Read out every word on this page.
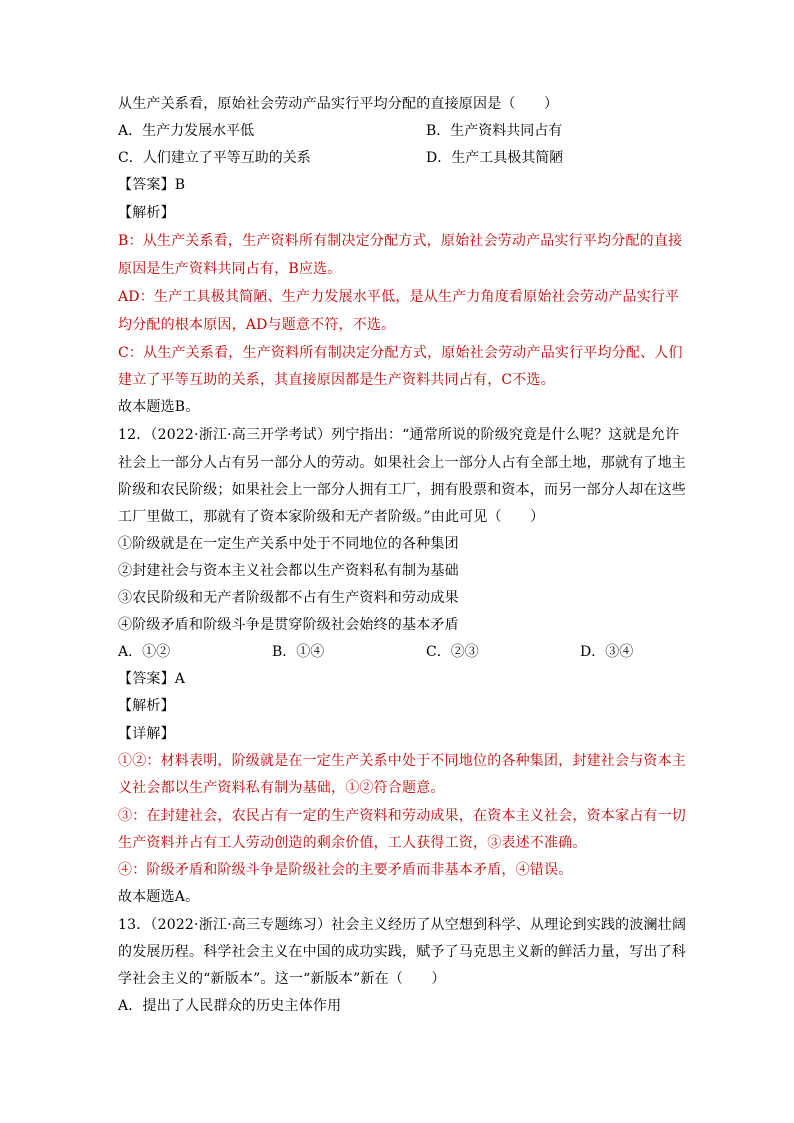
从生产关系看，原始社会劳动产品实行平均分配的直接原因是（　　）
A．生产力发展水平低	B．生产资料共同占有
C．人们建立了平等互助的关系	D．生产工具极其简陋
【答案】B
【解析】
B：从生产关系看，生产资料所有制决定分配方式，原始社会劳动产品实行平均分配的直接
原因是生产资料共同占有，B应选。
AD：生产工具极其简陋、生产力发展水平低，是从生产力角度看原始社会劳动产品实行平
均分配的根本原因，AD与题意不符，不选。
C：从生产关系看，生产资料所有制决定分配方式，原始社会劳动产品实行平均分配、人们
建立了平等互助的关系，其直接原因都是生产资料共同占有，C不选。
故本题选B。
12．（2022·浙江·高三开学考试）列宁指出：“通常所说的阶级究竟是什么呢？这就是允许
社会上一部分人占有另一部分人的劳动。如果社会上一部分人占有全部土地，那就有了地主
阶级和农民阶级；如果社会上一部分人拥有工厂，拥有股票和资本，而另一部分人却在这些
工厂里做工，那就有了资本家阶级和无产者阶级。”由此可见（　　）
①阶级就是在一定生产关系中处于不同地位的各种集团
②封建社会与资本主义社会都以生产资料私有制为基础
③农民阶级和无产者阶级都不占有生产资料和劳动成果
④阶级矛盾和阶级斗争是贯穿阶级社会始终的基本矛盾
A．①②	B．①④	C．②③	D．③④
【答案】A
【解析】
【详解】
①②：材料表明，阶级就是在一定生产关系中处于不同地位的各种集团，封建社会与资本主
义社会都以生产资料私有制为基础，①②符合题意。
③：在封建社会，农民占有一定的生产资料和劳动成果，在资本主义社会，资本家占有一切
生产资料并占有工人劳动创造的剩余价值，工人获得工资，③表述不准确。
④：阶级矛盾和阶级斗争是阶级社会的主要矛盾而非基本矛盾，④错误。
故本题选A。
13．（2022·浙江·高三专题练习）社会主义经历了从空想到科学、从理论到实践的波澜壮阔
的发展历程。科学社会主义在中国的成功实践，赋予了马克思主义新的鲜活力量，写出了科
学社会主义的“新版本”。这一“新版本”新在（　　）
A．提出了人民群众的历史主体作用
